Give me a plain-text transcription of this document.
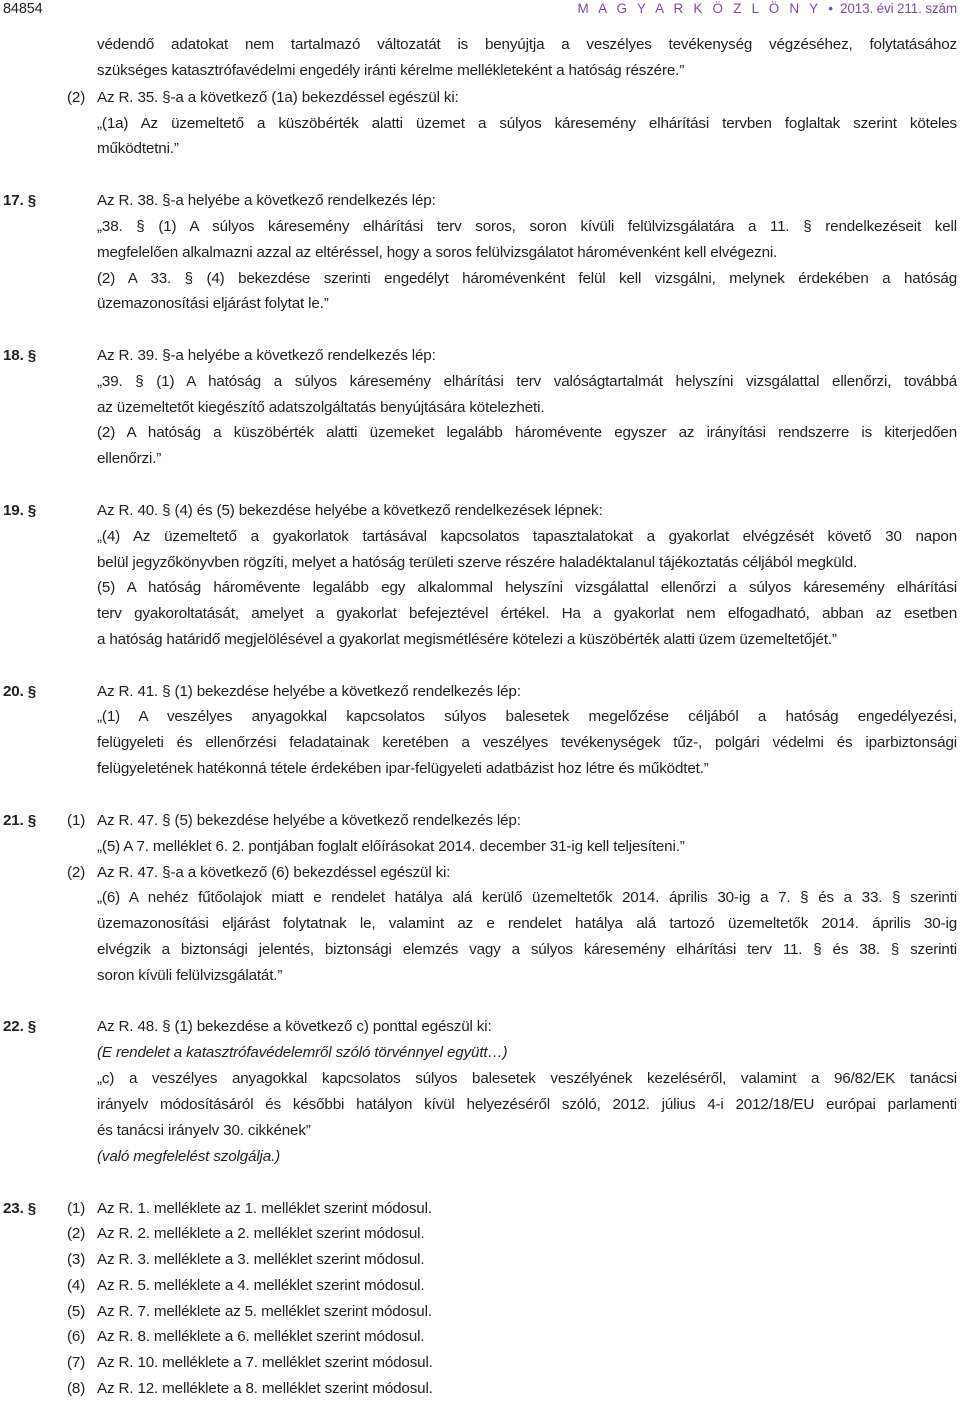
84854	M A G Y A R K Ö Z L Ö N Y • 2013. évi 211. szám
védendő adatokat nem tartalmazó változatát is benyújtja a veszélyes tevékenység végzéséhez, folytatásához
szükséges katasztrófavédelmi engedély iránti kérelme mellékleteként a hatóság részére.”
(2) Az R. 35. §-a a következő (1a) bekezdéssel egészül ki:
„(1a) Az üzemeltető a küszöbérték alatti üzemet a súlyos káresemény elhárítási tervben foglaltak szerint köteles
működtetni.”
17. §	Az R. 38. §-a helyébe a következő rendelkezés lép:
„38. § (1) A súlyos káresemény elhárítási terv soros, soron kívüli felülvizsgálatára a 11. § rendelkezéseit kell
megfelelően alkalmazni azzal az eltéréssel, hogy a soros felülvizsgálatot háromévenként kell elvégezni.
(2) A 33. § (4) bekezdése szerinti engedélyt háromévenként felül kell vizsgálni, melynek érdekében a hatóság
üzemazonosítási eljárást folytat le.”
18. §	Az R. 39. §-a helyébe a következő rendelkezés lép:
„39. § (1) A hatóság a súlyos káresemény elhárítási terv valóságtartalmát helyszíni vizsgálattal ellenőrzi, továbbá
az üzemeltetőt kiegészítő adatszolgáltatás benyújtására kötelezheti.
(2) A hatóság a küszöbérték alatti üzemeket legalább háromévente egyszer az irányítási rendszerre is kiterjedően
ellenőrzi.”
19. §	Az R. 40. § (4) és (5) bekezdése helyébe a következő rendelkezések lépnek:
„(4) Az üzemeltető a gyakorlatok tartásával kapcsolatos tapasztalatokat a gyakorlat elvégzését követő 30 napon
belül jegyzőkönyvben rögzíti, melyet a hatóság területi szerve részére haladéktalanul tájékoztatás céljából megküld.
(5) A hatóság háromévente legalább egy alkalommal helyszíni vizsgálattal ellenőrzi a súlyos káresemény elhárítási
terv gyakoroltatását, amelyet a gyakorlat befejeztével értékel. Ha a gyakorlat nem elfogadható, abban az esetben
a hatóság határidő megjelölésével a gyakorlat megismétlésére kötelezi a küszöbérték alatti üzem üzemeltetőjét.”
20. §	Az R. 41. § (1) bekezdése helyébe a következő rendelkezés lép:
„(1) A veszélyes anyagokkal kapcsolatos súlyos balesetek megelőzése céljából a hatóság engedélyezési,
felügyeleti és ellenőrzési feladatainak keretében a veszélyes tevékenységek tűz-, polgári védelmi és iparbiztonsági
felügyeletének hatékonná tétele érdekében ipar-felügyeleti adatbázist hoz létre és működtet.”
21. § (1) Az R. 47. § (5) bekezdése helyébe a következő rendelkezés lép:
„(5) A 7. melléklet 6. 2. pontjában foglalt előírásokat 2014. december 31-ig kell teljesíteni.”
(2) Az R. 47. §-a a következő (6) bekezdéssel egészül ki:
„(6) A nehéz fűtőolajok miatt e rendelet hatálya alá kerülő üzemeltetők 2014. április 30-ig a 7. § és a 33. § szerinti
üzemazonosítási eljárást folytatnak le, valamint az e rendelet hatálya alá tartozó üzemeltetők 2014. április 30-ig
elvégzik a biztonsági jelentés, biztonsági elemzés vagy a súlyos káresemény elhárítási terv 11. § és 38. § szerinti
soron kívüli felülvizsgálatát.”
22. §	Az R. 48. § (1) bekezdése a következő c) ponttal egészül ki:
(E rendelet a katasztrófavédelemről szóló törvénnyel együtt…)
„c) a veszélyes anyagokkal kapcsolatos súlyos balesetek veszélyének kezeléséről, valamint a 96/82/EK tanácsi
irányelv módosításáról és későbbi hatályon kívül helyezéséről szóló, 2012. július 4-i 2012/18/EU európai parlamenti
és tanácsi irányelv 30. cikkének”
(való megfelelést szolgálja.)
23. § (1) Az R. 1. melléklete az 1. melléklet szerint módosul.
(2) Az R. 2. melléklete a 2. melléklet szerint módosul.
(3) Az R. 3. melléklete a 3. melléklet szerint módosul.
(4) Az R. 5. melléklete a 4. melléklet szerint módosul.
(5) Az R. 7. melléklete az 5. melléklet szerint módosul.
(6) Az R. 8. melléklete a 6. melléklet szerint módosul.
(7) Az R. 10. melléklete a 7. melléklet szerint módosul.
(8) Az R. 12. melléklete a 8. melléklet szerint módosul.
